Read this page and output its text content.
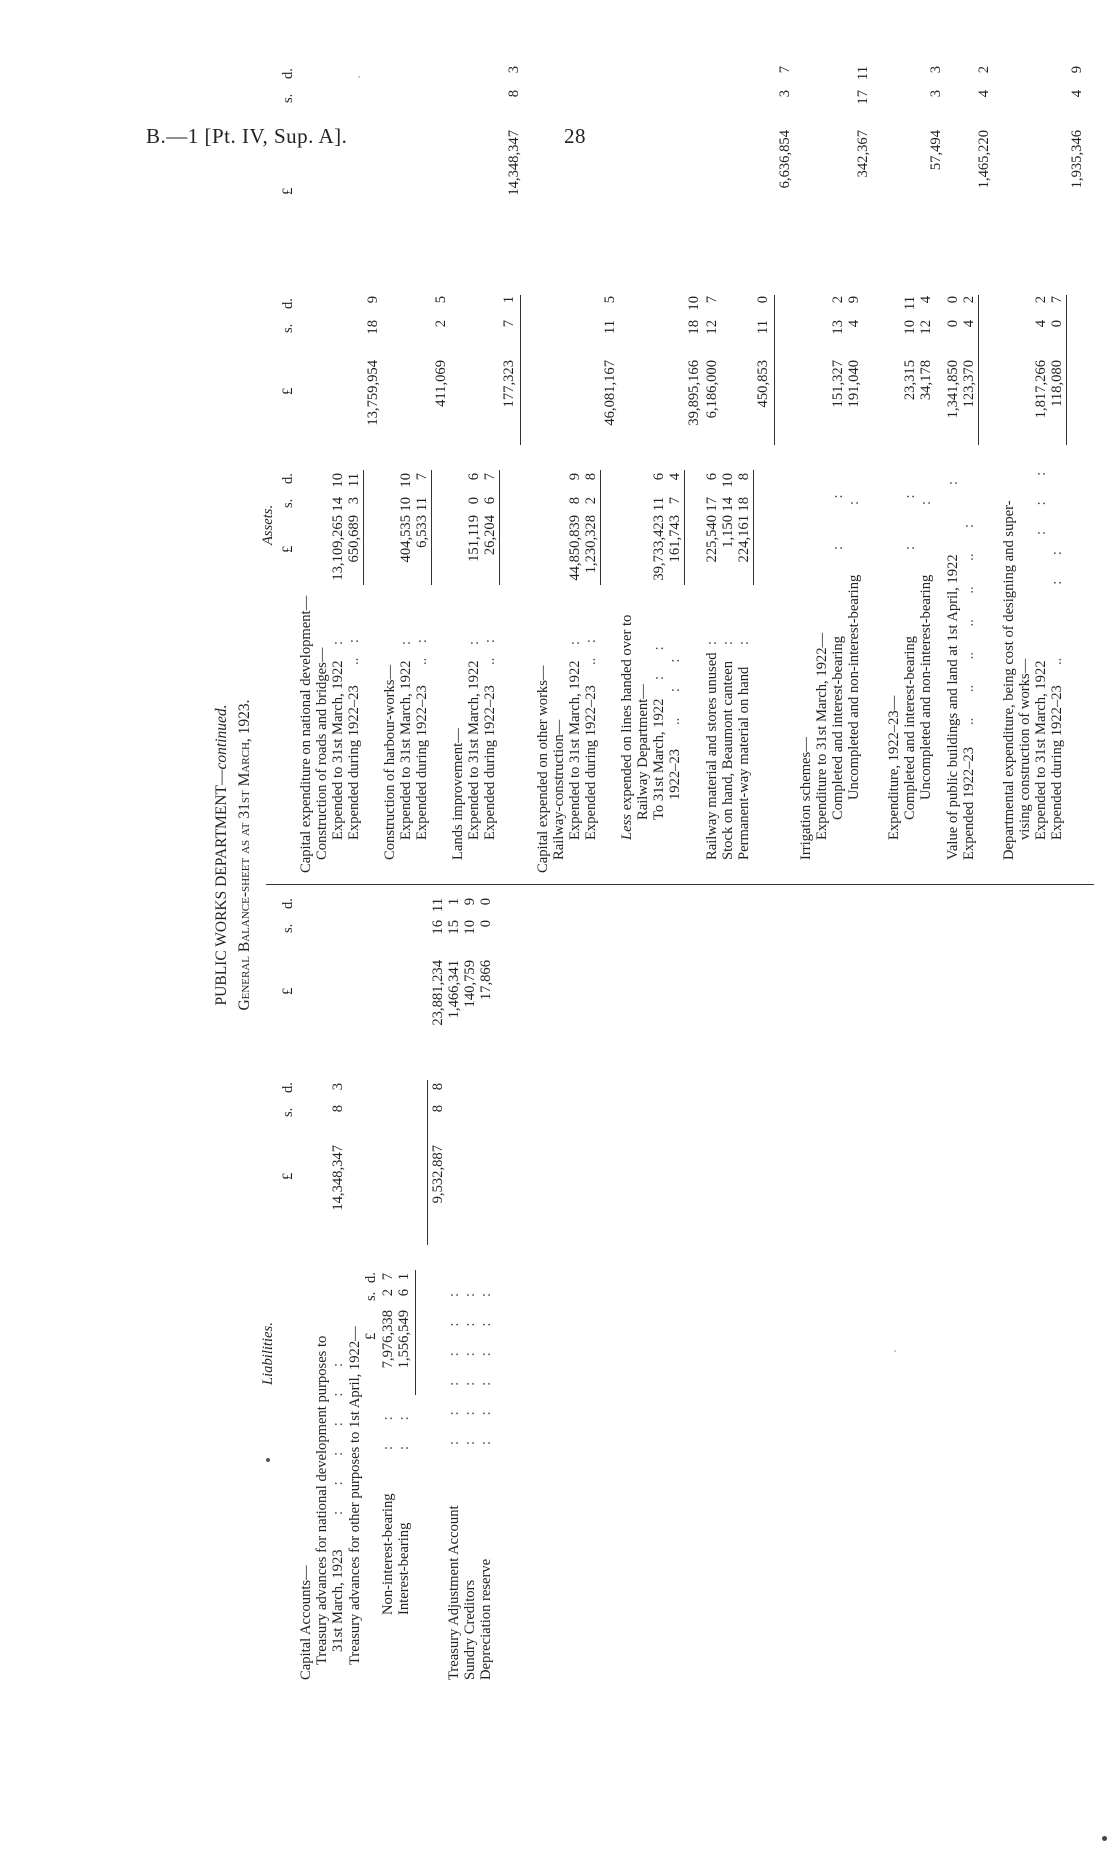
B.—1 [Pt. IV, Sup. A].	28
PUBLIC WORKS DEPARTMENT—continued. General Balance-sheet as at 31st March, 1923.
Liabilities.
£
s.
d.
£
s.
d.
Capital Accounts— Treasury advances for national development purposes to 31st March, 1923
:       :       :       :       :       :
14,348,347
8
3
Treasury advances for other purposes to 1st April, 1922— £
s.
d.
Non-interest-bearing
:       :
7,976,338
2
7
Interest-bearing
:       :
1,556,549
6
1
9,532,887
8
8
23,881,234
16
11
Treasury Adjustment Account
:       :       :       :       :       :
1,466,341
15
1
Sundry Creditors
:       :       :       :       :       :
140,759
10
9
Depreciation reserve
:       :       :       :       :       :
17,866
0
0
Assets.
£
s.
d.
£
s.
d.
£
s.
d.
Capital expenditure on national development— Construction of roads and bridges— Expended to 31st March, 1922
:
13,109,265
14
10
Expended during 1922–23
..    :
650,689
3
11
13,759,954
18
9
Construction of harbour-works— Expended to 31st March, 1922
:
404,535
10
10
Expended during 1922–23
..    :
6,533
11
7
411,069
2
5
Lands improvement— Expended to 31st March, 1922
:
151,119
0
6
Expended during 1922–23
..    :
26,204
6
7
177,323
7
1
14,348,347
8
3
Capital expended on other works— Railway-construction— Expended to 31st March, 1922
:
44,850,839
8
9
Expended during 1922–23
..    :
1,230,328
2
8
46,081,167
11
5
Less expended on lines handed over to Railway Department— To 31st March, 1922
:       :
39,733,423
11
6
1922–23
..       :       :
161,743
7
4
39,895,166
18
10
Railway material and stores unused
:
225,540
17
6
6,186,000
12
7
Stock on hand, Beaumont canteen
:
1,150
14
10
Permanent-way material on hand
:
224,161
18
8
450,853
11
0
6,636,854
3
7
Irrigation schemes— Expenditure to 31st March, 1922— Completed and interest-bearing
:             :
151,327
13
2
Uncompleted and non-interest-bearing
:
191,040
4
9
342,367
17
11
Expenditure, 1922–23— Completed and interest-bearing
:             :
23,315
10
11
Uncompleted and non-interest-bearing
:
34,178
12
4
57,494
3
3
Value of public buildings and land at 1st April, 1922
:
1,341,850
0
0
Expended 1922–23
..       ..       ..       ..       ..       ..       :
123,370
4
2
1,465,220
4
2
Departmental expenditure, being cost of designing and super- vising construction of works— Expended to 31st March, 1922
:       :       :
1,817,266
4
2
Expended during 1922–23
..                    :       :
118,080
0
7
1,935,346
4
9
